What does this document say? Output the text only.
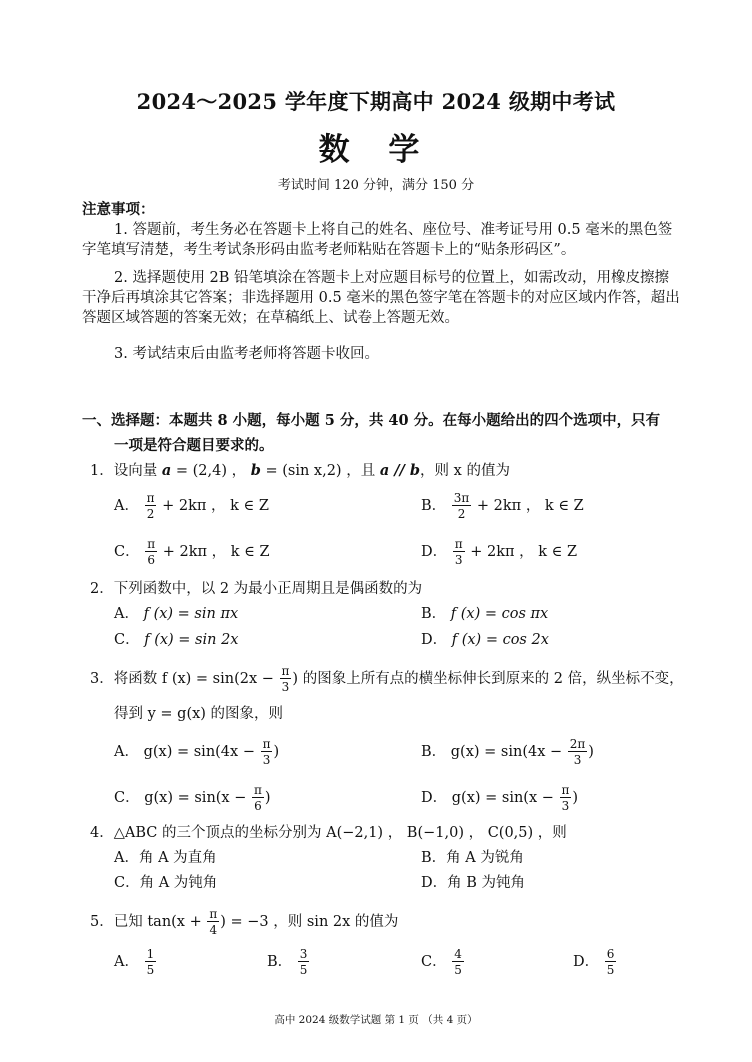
2024～2025 学年度下期高中 2024 级期中考试
数 学
考试时间 120 分钟，满分 150 分
注意事项：
1. 答题前，考生务必在答题卡上将自己的姓名、座位号、准考证号用 0.5 毫米的黑色签字笔填写清楚，考生考试条形码由监考老师粘贴在答题卡上的“贴条形码区”。
2. 选择题使用 2B 铅笔填涂在答题卡上对应题目标号的位置上，如需改动，用橡皮擦擦干净后再填涂其它答案；非选择题用 0.5 毫米的黑色签字笔在答题卡的对应区域内作答，超出答题区域答题的答案无效；在草稿纸上、试卷上答题无效。
3. 考试结束后由监考老师将答题卡收回。
一、选择题：本题共 8 小题，每小题 5 分，共 40 分。在每小题给出的四个选项中，只有
一项是符合题目要求的。
1．设向量 a = (2,4) ， b = (sin x,2) ，且 a // b，则 x 的值为
A． $\frac{\pi}{2} + 2k\pi$ ， k ∈ Z	B． $\frac{3\pi}{2} + 2k\pi$ ， k ∈ Z
C． $\frac{\pi}{6} + 2k\pi$ ， k ∈ Z	D． $\frac{\pi}{3} + 2k\pi$ ， k ∈ Z
2．下列函数中，以 2 为最小正周期且是偶函数的为
A． f (x) = sin πx	B． f (x) = cos πx
C． f (x) = sin 2x	D． f (x) = cos 2x
3．将函数 f $(x) = \sin(2x - \frac{\pi}{3}$ ) 的图象上所有点的横坐标伸长到原来的 2 倍，纵坐标不变，
得到 y = g(x) 的图象，则
A． $g(x) = \sin(4x - \frac{\pi}{3}$ )	B． $g(x) = \sin(4x - \frac{2\pi}{3}$ )
C． $g(x) = \sin(x - \frac{\pi}{6}$ )	D． $g(x) = \sin(x - \frac{\pi}{3}$ )
4．△ABC 的三个顶点的坐标分别为 A(−2,1) ， B(−1,0) ， C(0,5) ，则
A．角 A 为直角	B．角 A 为锐角
C．角 A 为钝角	D．角 B 为钝角
5．已知 $\tan(x + \frac{\pi}{4}$ ) = −3 ，则 sin 2x 的值为
A． $\frac{1}{5}$	B． $\frac{3}{5}$	C． $\frac{4}{5}$	D． $\frac{6}{5}$
高中 2024 级数学试题 第 1 页 （共 4 页）
